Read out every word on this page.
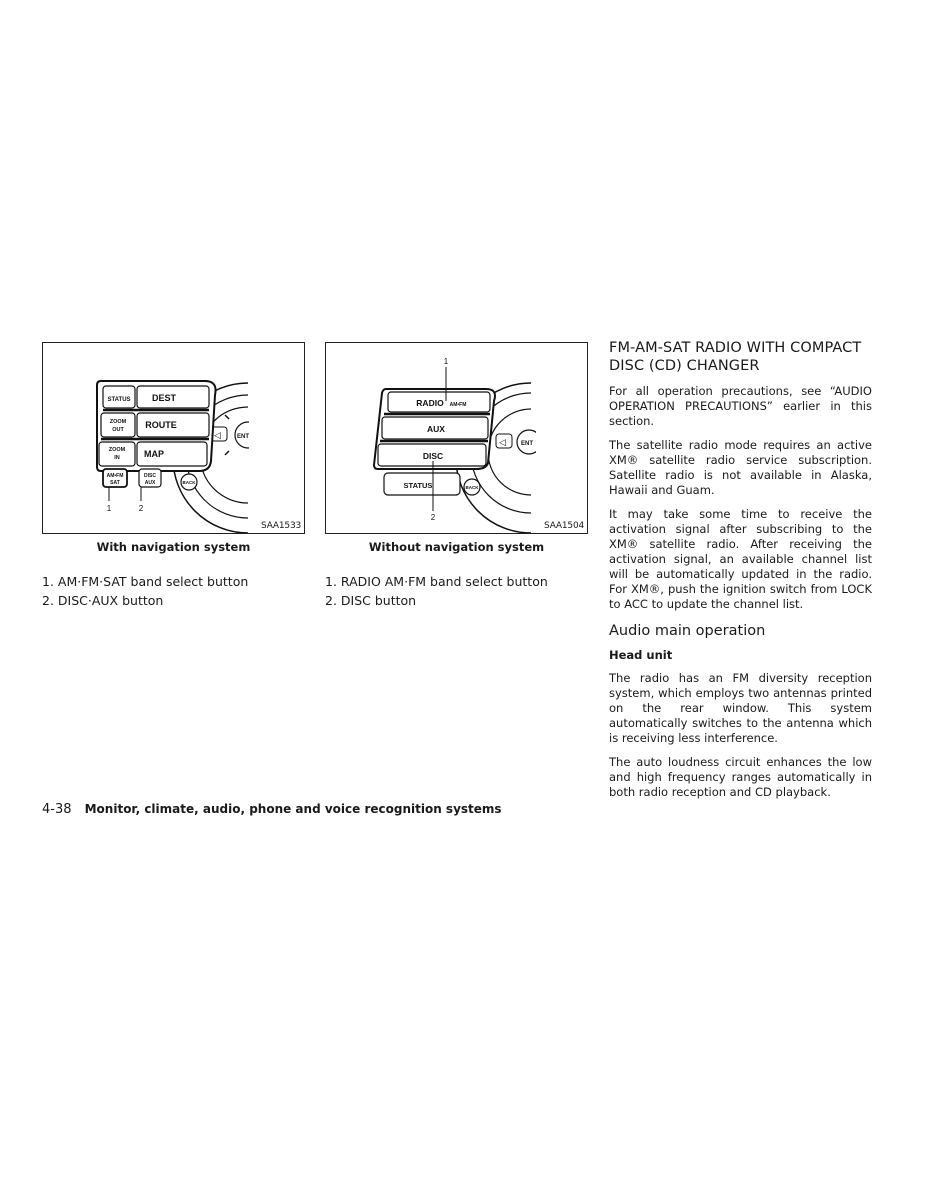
◁	ENT
STATUS DEST
ZOOM
OUT ROUTE
ZOOM
IN	MAP
AM•FM
SAT
DISC
AUX	BACK
1	2
SAA1533
With navigation system
1. AM·FM·SAT band select button
2. DISC·AUX button
◁	ENT
RADIO AM•FM
AUX
DISC
STATUS	BACK
1
2
SAA1504
Without navigation system
1. RADIO AM·FM band select button
2. DISC button
FM-AM-SAT RADIO WITH COMPACT
DISC (CD) CHANGER

For all operation precautions, see “AUDIO OPERATION PRECAUTIONS” earlier in this section.

The satellite radio mode requires an active XM® satellite radio service subscription. Satellite radio is not available in Alaska, Hawaii and Guam.

It may take some time to receive the activation signal after subscribing to the XM® satellite radio. After receiving the activation signal, an available channel list will be automatically updated in the radio. For XM®, push the ignition switch from LOCK to ACC to update the channel list.

Audio main operation
Head unit

The radio has an FM diversity reception system, which employs two antennas printed on the rear window. This system automatically switches to the antenna which is receiving less interference.

The auto loudness circuit enhances the low and high frequency ranges automatically in both radio reception and CD playback.

4-38 Monitor, climate, audio, phone and voice recognition systems
